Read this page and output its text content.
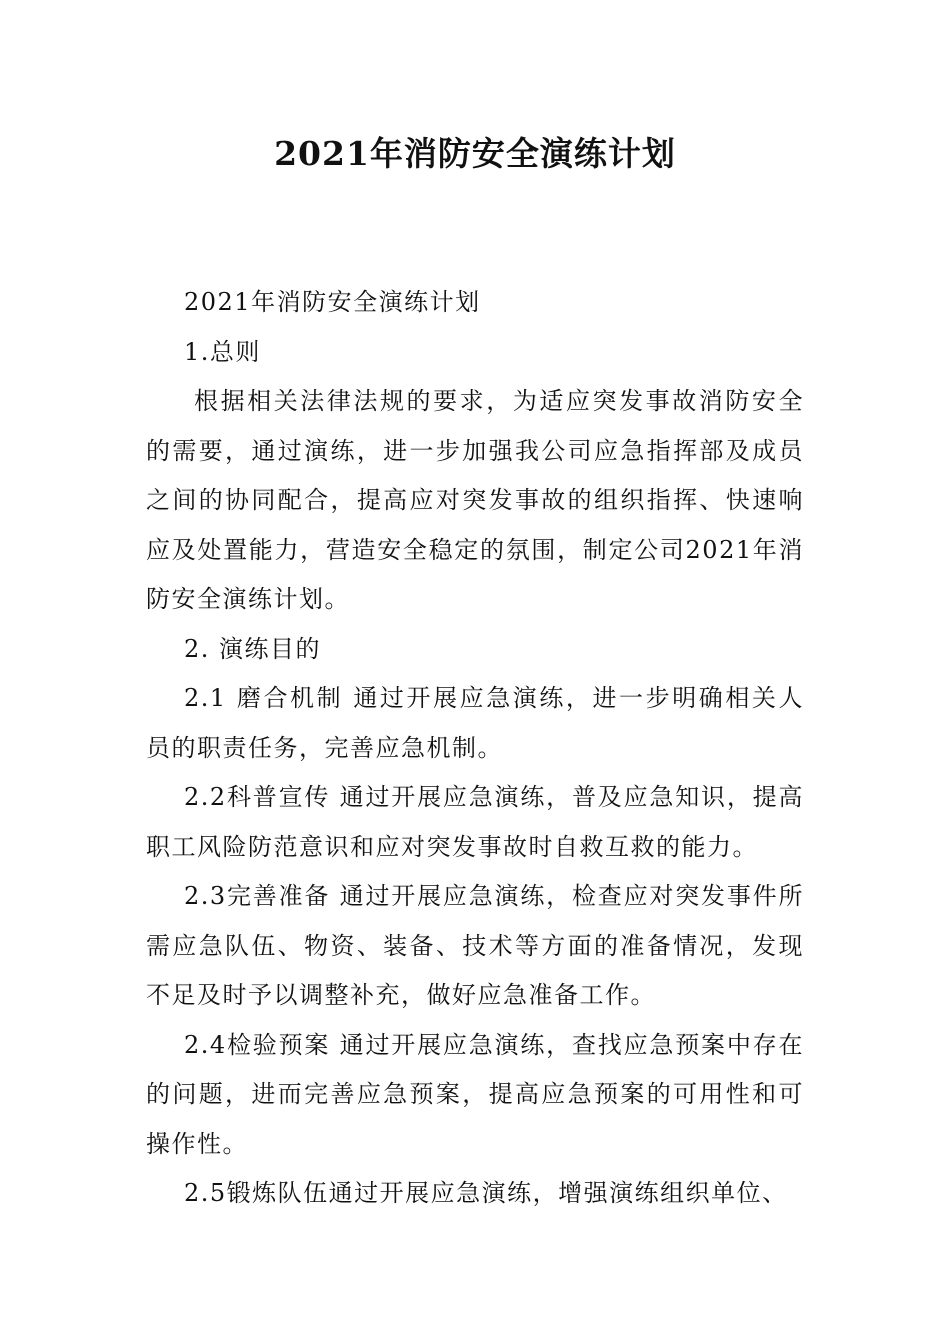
2021年消防安全演练计划

2021年消防安全演练计划

1.总则

根据相关法律法规的要求，为适应突发事故消防安全的需要，通过演练，进一步加强我公司应急指挥部及成员之间的协同配合，提高应对突发事故的组织指挥、快速响应及处置能力，营造安全稳定的氛围，制定公司2021年消防安全演练计划。

2. 演练目的

2.1 磨合机制 通过开展应急演练，进一步明确相关人员的职责任务，完善应急机制。

2.2科普宣传 通过开展应急演练，普及应急知识，提高职工风险防范意识和应对突发事故时自救互救的能力。

2.3完善准备 通过开展应急演练，检查应对突发事件所需应急队伍、物资、装备、技术等方面的准备情况，发现不足及时予以调整补充，做好应急准备工作。

2.4检验预案 通过开展应急演练，查找应急预案中存在的问题，进而完善应急预案，提高应急预案的可用性和可操作性。

2.5锻炼队伍通过开展应急演练，增强演练组织单位、
